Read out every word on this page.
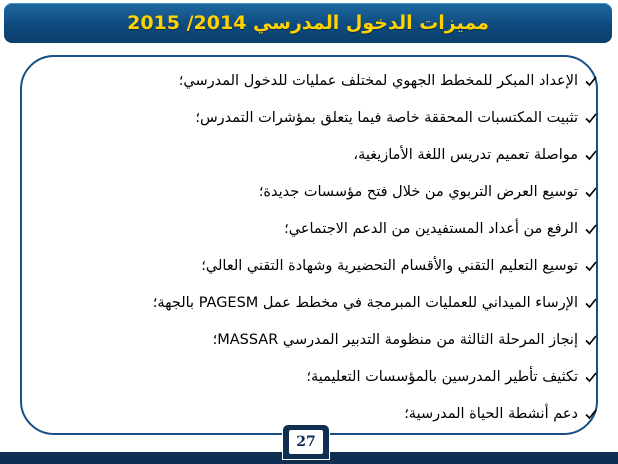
مميزات الدخول المدرسي 2014/ 2015
الإعداد المبكر للمخطط الجهوي لمختلف عمليات للدخول المدرسي؛
تثبيت المكتسبات المحققة خاصة فيما يتعلق بمؤشرات التمدرس؛
مواصلة تعميم تدريس اللغة الأمازيغية،
توسيع العرض التربوي من خلال فتح مؤسسات جديدة؛
الرفع من أعداد المستفيدين من الدعم الاجتماعي؛
توسيع التعليم التقني والأقسام التحضيرية وشهادة التقني العالي؛
الإرساء الميداني للعمليات المبرمجة في مخطط عمل PAGESM بالجهة؛
إنجاز المرحلة الثالثة من منظومة التدبير المدرسي MASSAR؛
تكثيف تأطير المدرسين بالمؤسسات التعليمية؛
دعم أنشطة الحياة المدرسية؛
27
